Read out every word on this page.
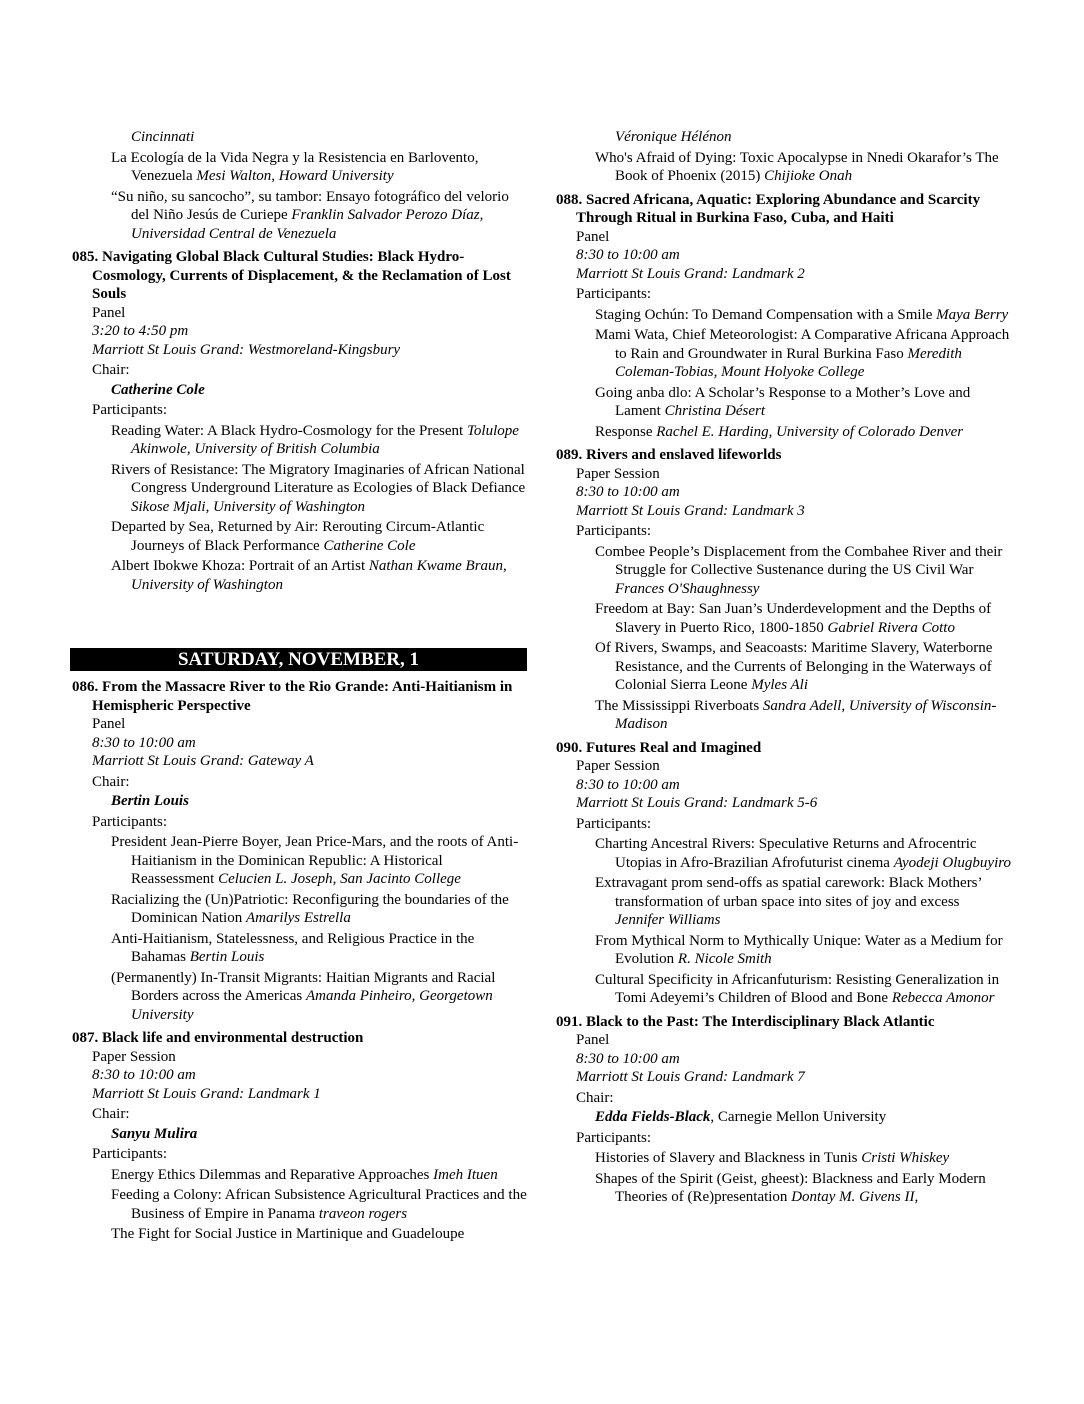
Cincinnati
La Ecología de la Vida Negra y la Resistencia en Barlovento, Venezuela Mesi Walton, Howard University
“Su niño, su sancocho”, su tambor: Ensayo fotográfico del velorio del Niño Jesús de Curiepe Franklin Salvador Perozo Díaz, Universidad Central de Venezuela
085. Navigating Global Black Cultural Studies: Black Hydro-Cosmology, Currents of Displacement, & the Reclamation of Lost Souls
Panel
3:20 to 4:50 pm
Marriott St Louis Grand: Westmoreland-Kingsbury
Chair:
Catherine Cole
Participants:
Reading Water: A Black Hydro-Cosmology for the Present Tolulope Akinwole, University of British Columbia
Rivers of Resistance: The Migratory Imaginaries of African National Congress Underground Literature as Ecologies of Black Defiance Sikose Mjali, University of Washington
Departed by Sea, Returned by Air: Rerouting Circum-Atlantic Journeys of Black Performance Catherine Cole
Albert Ibokwe Khoza: Portrait of an Artist Nathan Kwame Braun, University of Washington
SATURDAY, NOVEMBER, 1
086. From the Massacre River to the Rio Grande: Anti-Haitianism in Hemispheric Perspective
Panel
8:30 to 10:00 am
Marriott St Louis Grand: Gateway A
Chair:
Bertin Louis
Participants:
President Jean-Pierre Boyer, Jean Price-Mars, and the roots of Anti-Haitianism in the Dominican Republic: A Historical Reassessment Celucien L. Joseph, San Jacinto College
Racializing the (Un)Patriotic: Reconfiguring the boundaries of the Dominican Nation Amarilys Estrella
Anti-Haitianism, Statelessness, and Religious Practice in the Bahamas Bertin Louis
(Permanently) In-Transit Migrants: Haitian Migrants and Racial Borders across the Americas Amanda Pinheiro, Georgetown University
087. Black life and environmental destruction
Paper Session
8:30 to 10:00 am
Marriott St Louis Grand: Landmark 1
Chair:
Sanyu Mulira
Participants:
Energy Ethics Dilemmas and Reparative Approaches Imeh Ituen
Feeding a Colony: African Subsistence Agricultural Practices and the Business of Empire in Panama traveon rogers
The Fight for Social Justice in Martinique and Guadeloupe
Véronique Hélénon
Who's Afraid of Dying: Toxic Apocalypse in Nnedi Okarafor’s The Book of Phoenix (2015) Chijioke Onah
088. Sacred Africana, Aquatic: Exploring Abundance and Scarcity Through Ritual in Burkina Faso, Cuba, and Haiti
Panel
8:30 to 10:00 am
Marriott St Louis Grand: Landmark 2
Participants:
Staging Ochún: To Demand Compensation with a Smile Maya Berry
Mami Wata, Chief Meteorologist: A Comparative Africana Approach to Rain and Groundwater in Rural Burkina Faso Meredith Coleman-Tobias, Mount Holyoke College
Going anba dlo: A Scholar’s Response to a Mother’s Love and Lament Christina Désert
Response Rachel E. Harding, University of Colorado Denver
089. Rivers and enslaved lifeworlds
Paper Session
8:30 to 10:00 am
Marriott St Louis Grand: Landmark 3
Participants:
Combee People’s Displacement from the Combahee River and their Struggle for Collective Sustenance during the US Civil War Frances O'Shaughnessy
Freedom at Bay: San Juan’s Underdevelopment and the Depths of Slavery in Puerto Rico, 1800-1850 Gabriel Rivera Cotto
Of Rivers, Swamps, and Seacoasts: Maritime Slavery, Waterborne Resistance, and the Currents of Belonging in the Waterways of Colonial Sierra Leone Myles Ali
The Mississippi Riverboats Sandra Adell, University of Wisconsin-Madison
090. Futures Real and Imagined
Paper Session
8:30 to 10:00 am
Marriott St Louis Grand: Landmark 5-6
Participants:
Charting Ancestral Rivers: Speculative Returns and Afrocentric Utopias in Afro-Brazilian Afrofuturist cinema Ayodeji Olugbuyiro
Extravagant prom send-offs as spatial carework: Black Mothers’ transformation of urban space into sites of joy and excess Jennifer Williams
From Mythical Norm to Mythically Unique: Water as a Medium for Evolution R. Nicole Smith
Cultural Specificity in Africanfuturism: Resisting Generalization in Tomi Adeyemi’s Children of Blood and Bone Rebecca Amonor
091. Black to the Past: The Interdisciplinary Black Atlantic
Panel
8:30 to 10:00 am
Marriott St Louis Grand: Landmark 7
Chair:
Edda Fields-Black, Carnegie Mellon University
Participants:
Histories of Slavery and Blackness in Tunis Cristi Whiskey
Shapes of the Spirit (Geist, gheest): Blackness and Early Modern Theories of (Re)presentation Dontay M. Givens II,
